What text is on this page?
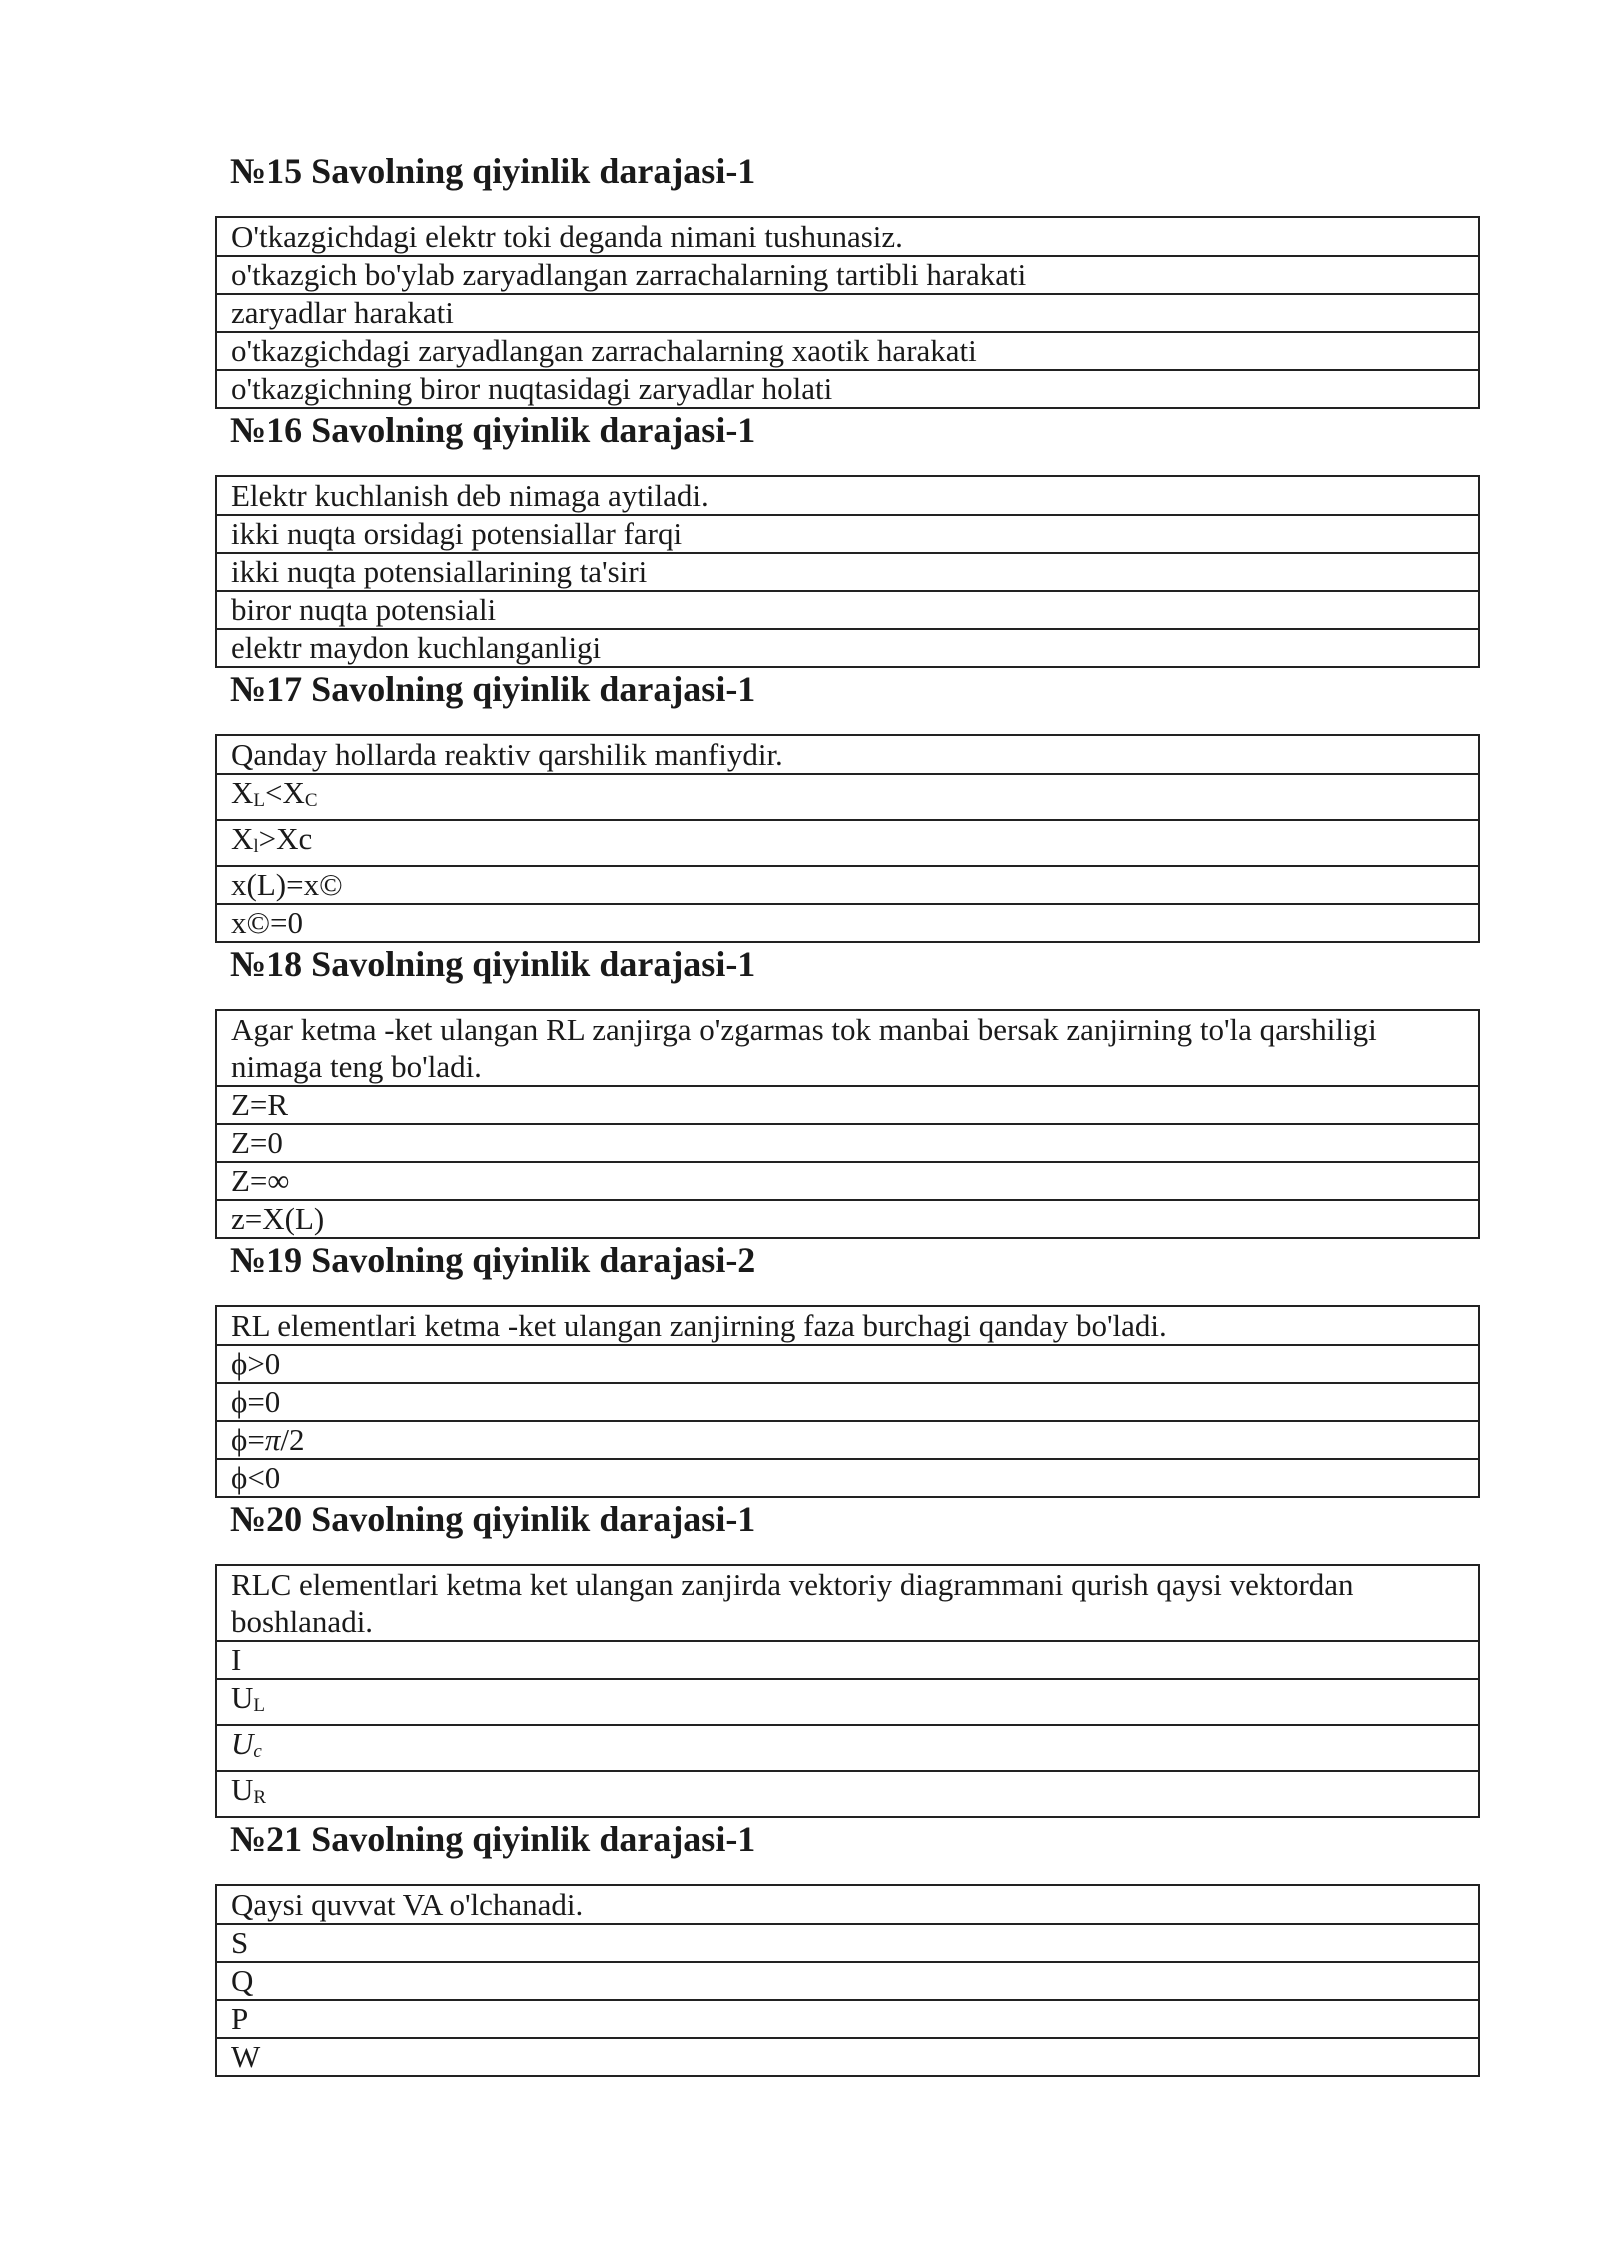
№15 Savolning qiyinlik darajasi-1
O'tkazgichdagi elektr toki deganda nimani tushunasiz.
o'tkazgich bo'ylab zaryadlangan zarrachalarning tartibli harakati
zaryadlar harakati
o'tkazgichdagi zaryadlangan zarrachalarning xaotik harakati
o'tkazgichning biror nuqtasidagi zaryadlar holati
№16 Savolning qiyinlik darajasi-1
Elektr kuchlanish deb nimaga aytiladi.
ikki nuqta orsidagi potensiallar farqi
ikki nuqta potensiallarining ta'siri
biror nuqta potensiali
elektr maydon kuchlanganligi
№17 Savolning qiyinlik darajasi-1
Qanday hollarda reaktiv qarshilik manfiydir.
$X_L<X_C$
$X_l>Xc$
x(L)=x©
x©=0
№18 Savolning qiyinlik darajasi-1
Agar ketma -ket ulangan RL zanjirga o'zgarmas tok manbai bersak zanjirning to'la qarshiligi nimaga teng bo'ladi.
Z=R
Z=0
Z=∞
z=X(L)
№19 Savolning qiyinlik darajasi-2
RL elementlari ketma -ket ulangan zanjirning faza burchagi qanday bo'ladi.
ϕ>0
ϕ=0
ϕ=π/2
ϕ<0
№20 Savolning qiyinlik darajasi-1
RLC elementlari ketma ket ulangan zanjirda vektoriy diagrammani qurish qaysi vektordan boshlanadi.
I
$U_L$
$U_c$
$U_R$
№21 Savolning qiyinlik darajasi-1
Qaysi quvvat VA o'lchanadi.
S
Q
P
W
